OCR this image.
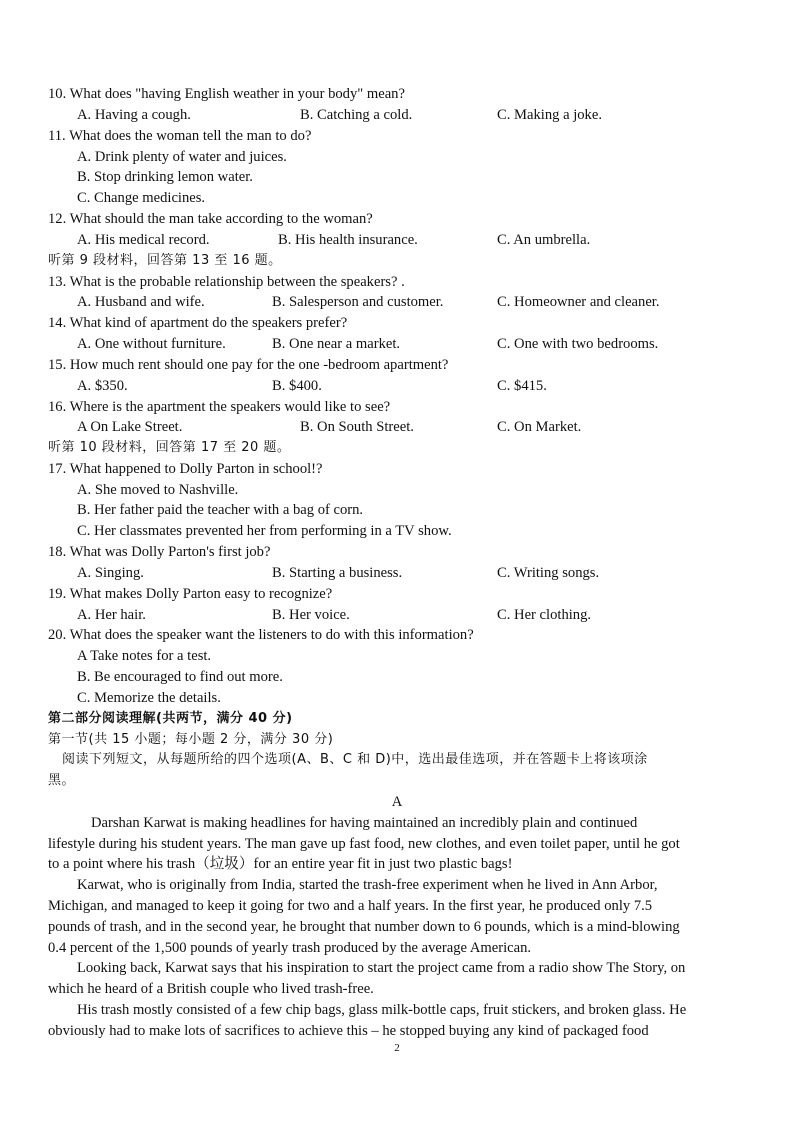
10. What does "having English weather in your body" mean?
A. Having a cough.	B. Catching a cold.	C. Making a joke.
11. What does the woman tell the man to do?
A. Drink plenty of water and juices.
B. Stop drinking lemon water.
C. Change medicines.
12. What should the man take according to the woman?
A. His medical record.	B. His health insurance.	C. An umbrella.
听第 9 段材料，回答第 13 至 16 题。
13. What is the probable relationship between the speakers? .
A. Husband and wife.	B. Salesperson and customer.	C. Homeowner and cleaner.
14. What kind of apartment do the speakers prefer?
A. One without furniture.	B. One near a market.	C. One with two bedrooms.
15. How much rent should one pay for the one -bedroom apartment?
A. $350.	B. $400.	C. $415.
16. Where is the apartment the speakers would like to see?
A On Lake Street.	B. On South Street.	C. On Market.
听第 10 段材料，回答第 17 至 20 题。
17. What happened to Dolly Parton in school!?
A. She moved to Nashville.
B. Her father paid the teacher with a bag of corn.
C. Her classmates prevented her from performing in a TV show.
18. What was Dolly Parton's first job?
A. Singing.	B. Starting a business.	C. Writing songs.
19. What makes Dolly Parton easy to recognize?
A. Her hair.	B. Her voice.	C. Her clothing.
20. What does the speaker want the listeners to do with this information?
A Take notes for a test.
B. Be encouraged to find out more.
C. Memorize the details.
第二部分阅读理解(共两节，满分 40 分)
第一节(共 15 小题；每小题 2 分，满分 30 分)
阅读下列短文，从每题所给的四个选项(A、B、C 和 D)中，选出最佳选项，并在答题卡上将该项涂
黑。
A
Darshan Karwat is making headlines for having maintained an incredibly plain and continued
lifestyle during his student years. The man gave up fast food, new clothes, and even toilet paper, until he got
to a point where his trash（垃圾）for an entire year fit in just two plastic bags!
Karwat, who is originally from India, started the trash-free experiment when he lived in Ann Arbor,
Michigan, and managed to keep it going for two and a half years. In the first year, he produced only 7.5
pounds of trash, and in the second year, he brought that number down to 6 pounds, which is a mind-blowing
0.4 percent of the 1,500 pounds of yearly trash produced by the average American.
Looking back, Karwat says that his inspiration to start the project came from a radio show The Story, on
which he heard of a British couple who lived trash-free.
His trash mostly consisted of a few chip bags, glass milk-bottle caps, fruit stickers, and broken glass. He
obviously had to make lots of sacrifices to achieve this – he stopped buying any kind of packaged food
2
